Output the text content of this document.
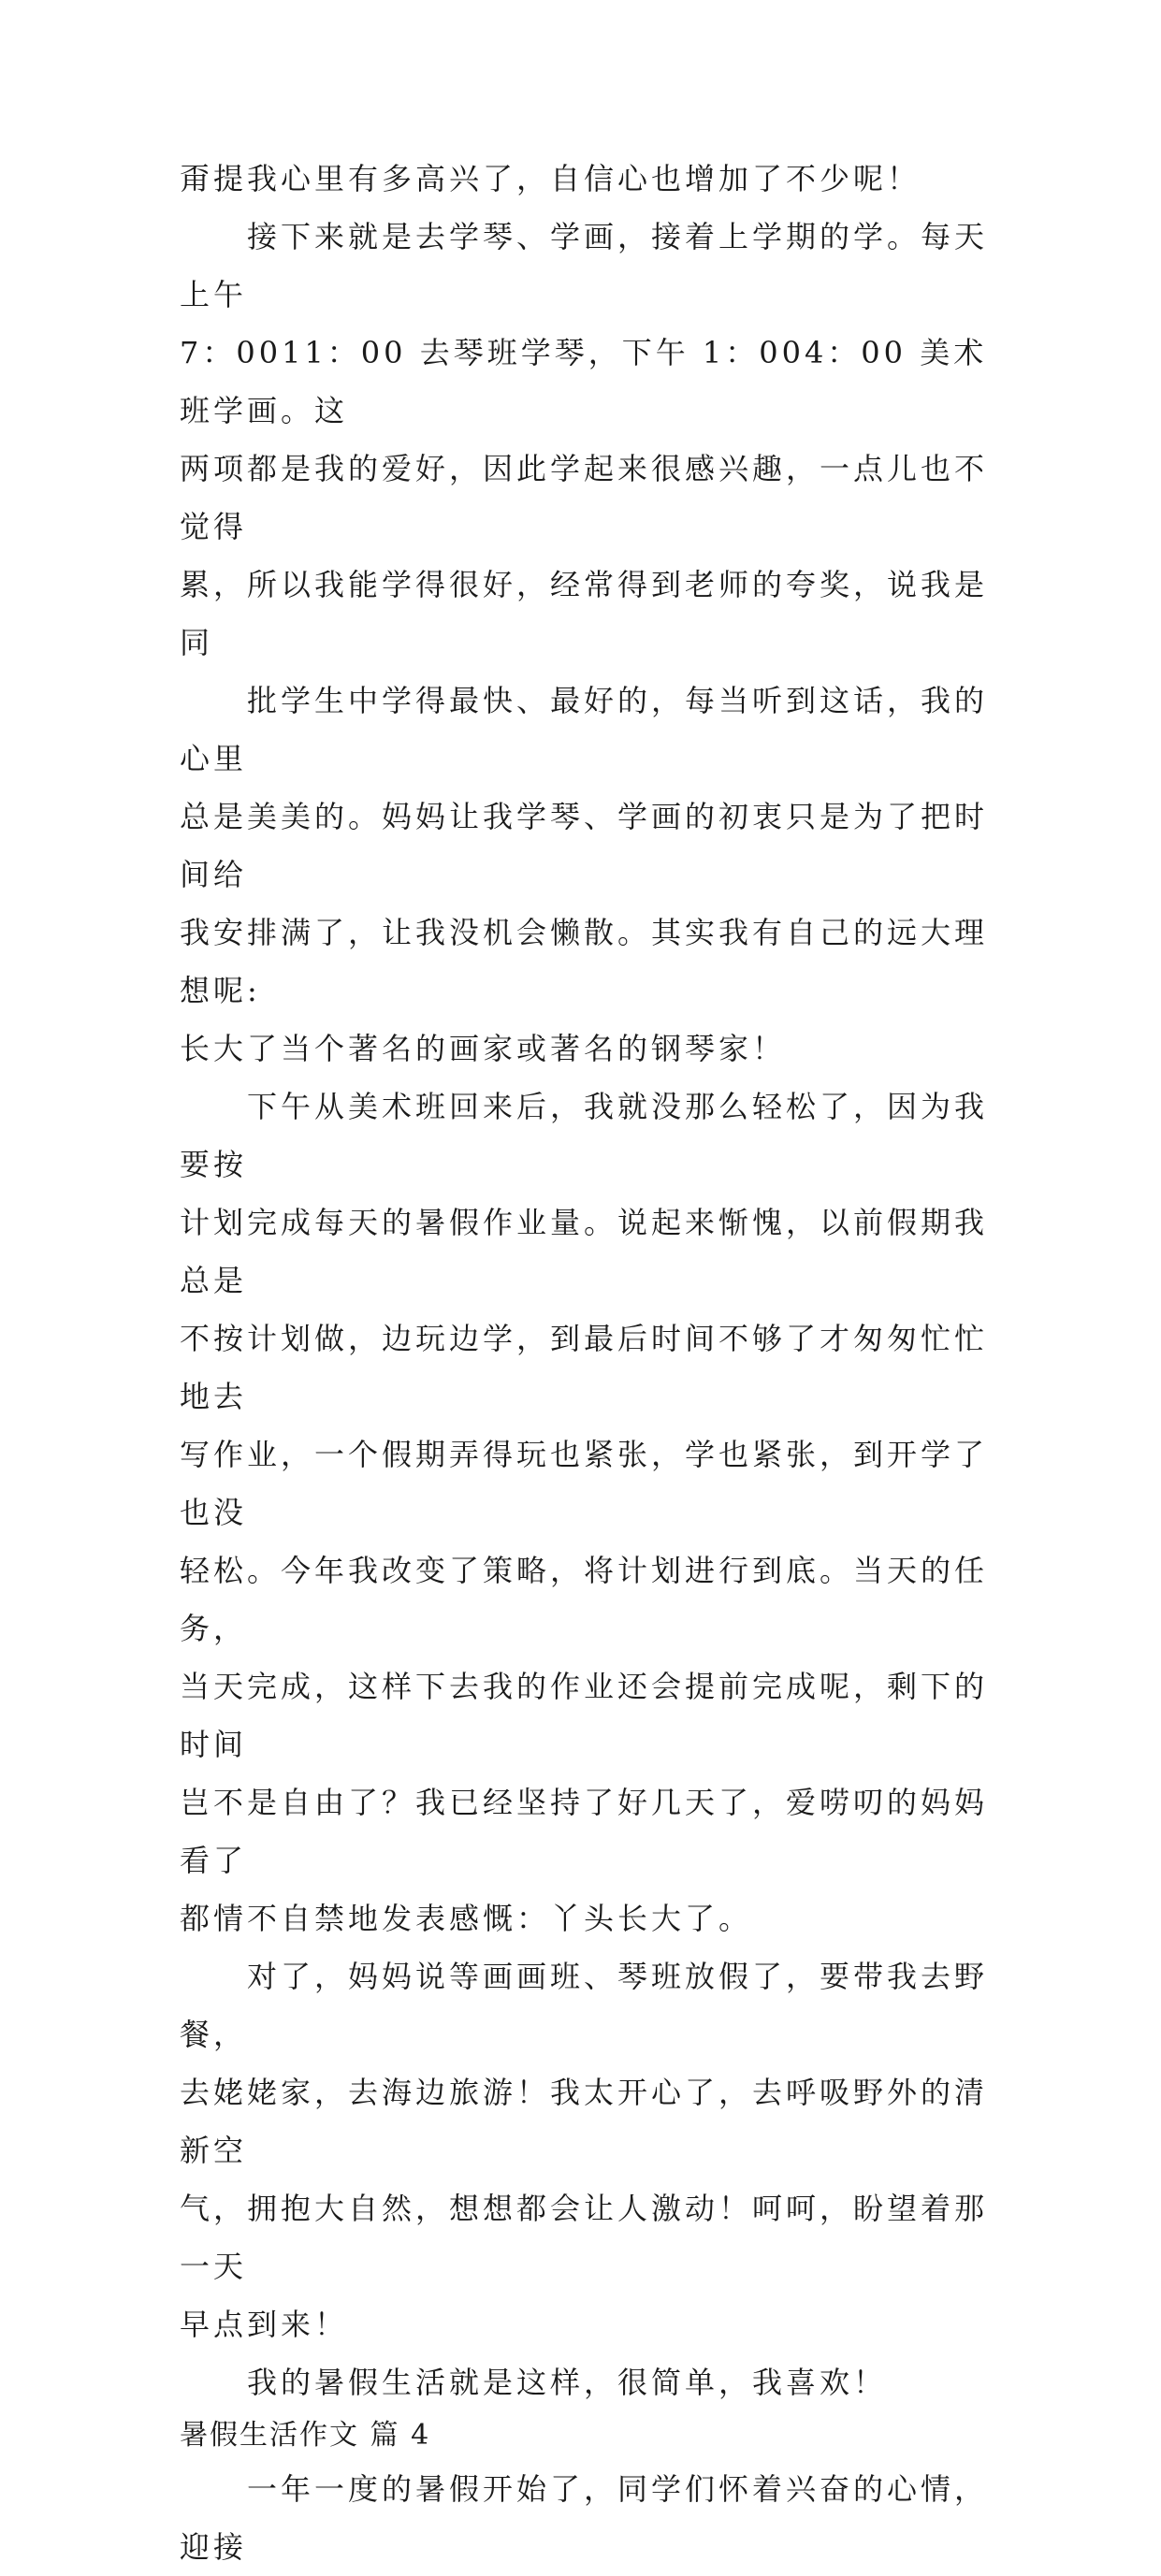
甭提我心里有多高兴了，自信心也增加了不少呢！

　　接下来就是去学琴、学画，接着上学期的学。每天上午
7：0011：00 去琴班学琴，下午 1：004：00 美术班学画。这
两项都是我的爱好，因此学起来很感兴趣，一点儿也不觉得
累，所以我能学得很好，经常得到老师的夸奖，说我是同

　　批学生中学得最快、最好的，每当听到这话，我的心里
总是美美的。妈妈让我学琴、学画的初衷只是为了把时间给
我安排满了，让我没机会懒散。其实我有自己的远大理想呢:
长大了当个著名的画家或著名的钢琴家！

　　下午从美术班回来后，我就没那么轻松了，因为我要按
计划完成每天的暑假作业量。说起来惭愧，以前假期我总是
不按计划做，边玩边学，到最后时间不够了才匆匆忙忙地去
写作业，一个假期弄得玩也紧张，学也紧张，到开学了也没
轻松。今年我改变了策略，将计划进行到底。当天的任务，
当天完成，这样下去我的作业还会提前完成呢，剩下的时间
岂不是自由了？我已经坚持了好几天了，爱唠叨的妈妈看了
都情不自禁地发表感慨：丫头长大了。

　　对了，妈妈说等画画班、琴班放假了，要带我去野餐，
去姥姥家，去海边旅游！我太开心了，去呼吸野外的清新空
气，拥抱大自然，想想都会让人激动！呵呵，盼望着那一天
早点到来！

　　我的暑假生活就是这样，很简单，我喜欢！

暑假生活作文 篇 4

　　一年一度的暑假开始了，同学们怀着兴奋的心情，迎接
